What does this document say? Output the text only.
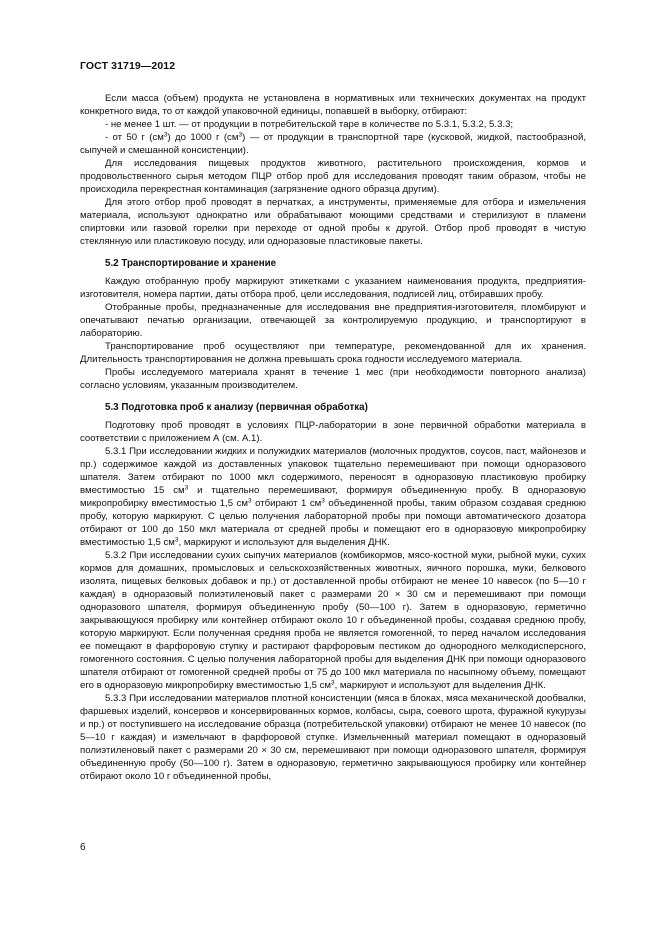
ГОСТ 31719—2012

Если масса (объем) продукта не установлена в нормативных или технических документах на продукт конкретного вида, то от каждой упаковочной единицы, попавшей в выборку, отбирают:

- не менее 1 шт. — от продукции в потребительской таре в количестве по 5.3.1, 5.3.2, 5.3.3;

- от 50 г $(см^3)$ до 1000 г $(см^3)$ — от продукции в транспортной таре (кусковой, жидкой, пастообразной, сыпучей и смешанной консистенции).

Для исследования пищевых продуктов животного, растительного происхождения, кормов и продовольственного сырья методом ПЦР отбор проб для исследования проводят таким образом, чтобы не происходила перекрестная контаминация (загрязнение одного образца другим).

Для этого отбор проб проводят в перчатках, а инструменты, применяемые для отбора и измельчения материала, используют однократно или обрабатывают моющими средствами и стерилизуют в пламени спиртовки или газовой горелки при переходе от одной пробы к другой. Отбор проб проводят в чистую стеклянную или пластиковую посуду, или одноразовые пластиковые пакеты.

5.2 Транспортирование и хранение

Каждую отобранную пробу маркируют этикетками с указанием наименования продукта, предприятия-изготовителя, номера партии, даты отбора проб, цели исследования, подписей лиц, отбиравших пробу.

Отобранные пробы, предназначенные для исследования вне предприятия-изготовителя, пломбируют и опечатывают печатью организации, отвечающей за контролируемую продукцию, и транспортируют в лабораторию.

Транспортирование проб осуществляют при температуре, рекомендованной для их хранения. Длительность транспортирования не должна превышать срока годности исследуемого материала.

Пробы исследуемого материала хранят в течение 1 мес (при необходимости повторного анализа) согласно условиям, указанным производителем.

5.3 Подготовка проб к анализу (первичная обработка)

Подготовку проб проводят в условиях ПЦР-лаборатории в зоне первичной обработки материала в соответствии с приложением А (см. А.1).

5.3.1 При исследовании жидких и полужидких материалов (молочных продуктов, соусов, паст, майонезов и пр.) содержимое каждой из доставленных упаковок тщательно перемешивают при помощи одноразового шпателя. Затем отбирают по 1000 мкл содержимого, переносят в одноразовую пластиковую пробирку вместимостью 15 $см^3$ и тщательно перемешивают, формируя объединенную пробу. В одноразовую микропробирку вместимостью 1,5 $см^3$ отбирают 1 $см^3$ объединенной пробы, таким образом создавая среднюю пробу, которую маркируют. С целью получения лабораторной пробы при помощи автоматического дозатора отбирают от 100 до 150 мкл материала от средней пробы и помещают его в одноразовую микропробирку вместимостью 1,5 $см^3$, маркируют и используют для выделения ДНК.

5.3.2 При исследовании сухих сыпучих материалов (комбикормов, мясо-костной муки, рыбной муки, сухих кормов для домашних, промысловых и сельскохозяйственных животных, яичного порошка, муки, белкового изолята, пищевых белковых добавок и пр.) от доставленной пробы отбирают не менее 10 навесок (по 5—10 г каждая) в одноразовый полиэтиленовый пакет с размерами 20 × 30 см и перемешивают при помощи одноразового шпателя, формируя объединенную пробу (50—100 г). Затем в одноразовую, герметично закрывающуюся пробирку или контейнер отбирают около 10 г объединенной пробы, создавая среднюю пробу, которую маркируют. Если полученная средняя проба не является гомогенной, то перед началом исследования ее помещают в фарфоровую ступку и растирают фарфоровым пестиком до однородного мелкодисперсного, гомогенного состояния. С целью получения лабораторной пробы для выделения ДНК при помощи одноразового шпателя отбирают от гомогенной средней пробы от 75 до 100 мкл материала по насыпному объему, помещают его в одноразовую микропробирку вместимостью 1,5 $см^3$, маркируют и используют для выделения ДНК.

5.3.3 При исследовании материалов плотной консистенции (мяса в блоках, мяса механической дообвалки, фаршевых изделий, консервов и консервированных кормов, колбасы, сыра, соевого шрота, фуражной кукурузы и пр.) от поступившего на исследование образца (потребительской упаковки) отбирают не менее 10 навесок (по 5—10 г каждая) и измельчают в фарфоровой ступке. Измельченный материал помещают в одноразовый полиэтиленовый пакет с размерами 20 × 30 см, перемешивают при помощи одноразового шпателя, формируя объединенную пробу (50—100 г). Затем в одноразовую, герметично закрывающуюся пробирку или контейнер отбирают около 10 г объединенной пробы,

6
